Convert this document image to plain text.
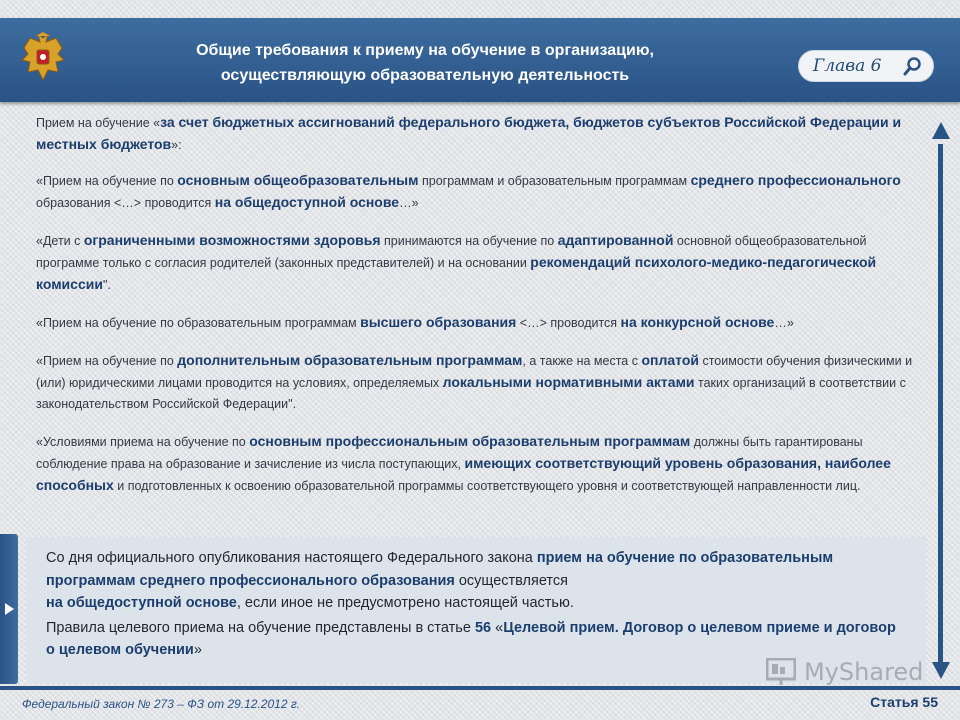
Общие требования к приему на обучение в организацию,
осуществляющую образовательную деятельность	Глава 6

Прием на обучение «за счет бюджетных ассигнований федерального бюджета, бюджетов субъектов Российской Федерации и местных бюджетов»:

«Прием на обучение по основным общеобразовательным программам и образовательным программам среднего профессионального образования <…> проводится на общедоступной основе…»

«Дети с ограниченными возможностями здоровья принимаются на обучение по адаптированной основной общеобразовательной программе только с согласия родителей (законных представителей) и на основании рекомендаций психолого-медико-педагогической комиссии".

«Прием на обучение по образовательным программам высшего образования <…> проводится на конкурсной основе…»

«Прием на обучение по дополнительным образовательным программам, а также на места с оплатой стоимости обучения физическими и (или) юридическими лицами проводится на условиях, определяемых локальными нормативными актами таких организаций в соответствии с законодательством Российской Федерации".

«Условиями приема на обучение по основным профессиональным образовательным программам должны быть гарантированы соблюдение права на образование и зачисление из числа поступающих, имеющих соответствующий уровень образования, наиболее способных и подготовленных к освоению образовательной программы соответствующего уровня и соответствующей направленности лиц.

Со дня официального опубликования настоящего Федерального закона прием на обучение по образовательным программам среднего профессионального образования осуществляется
на общедоступной основе, если иное не предусмотрено настоящей частью.
Правила целевого приема на обучение представлены в статье 56 «Целевой прием. Договор о целевом приеме и договор о целевом обучении»
MyShared
Федеральный закон № 273 – ФЗ от 29.12.2012 г.	Статья 55
